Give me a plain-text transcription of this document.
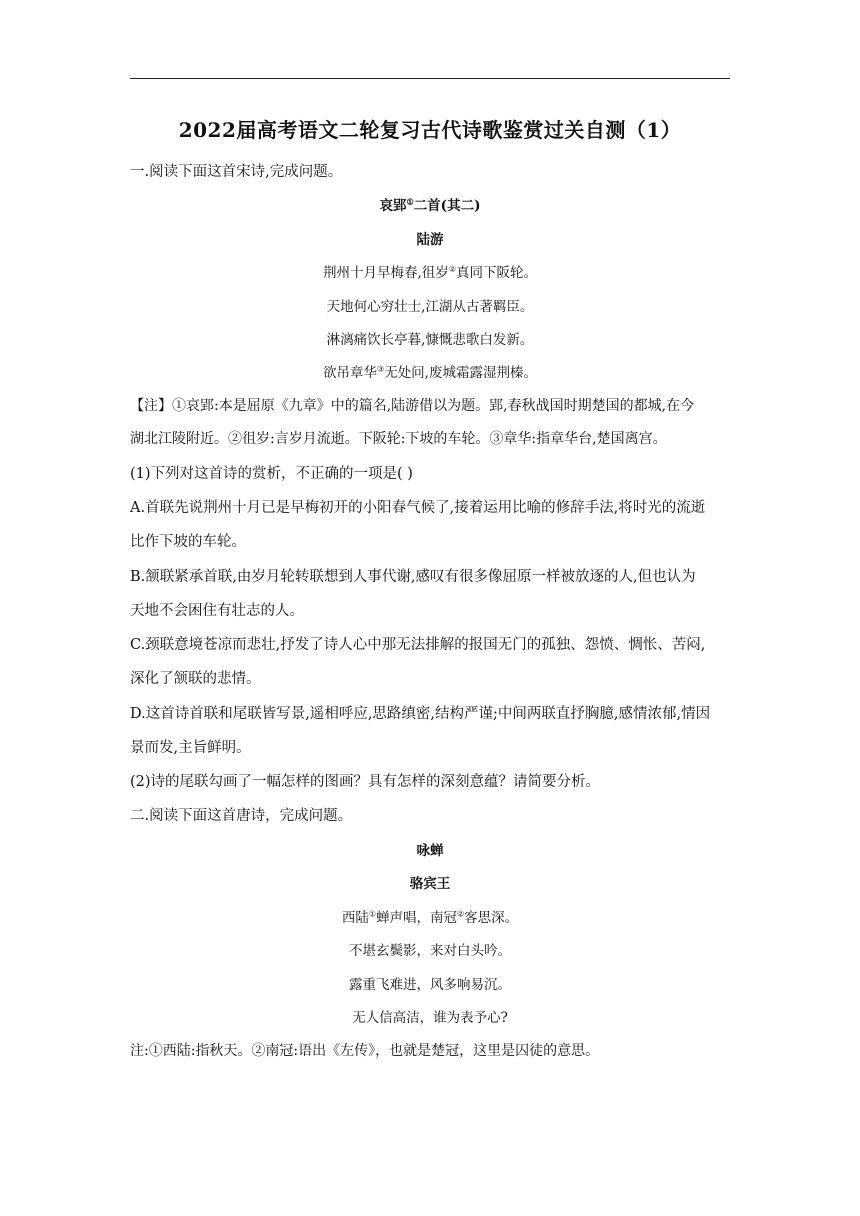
2022届高考语文二轮复习古代诗歌鉴赏过关自测（1）
一.阅读下面这首宋诗,完成问题。
哀郢①二首(其二)
陆游
荆州十月早梅春,徂岁②真同下阪轮。
天地何心穷壮士,江湖从古著羁臣。
淋漓痛饮长亭暮,慷慨悲歌白发新。
欲吊章华③无处问,废城霜露湿荆榛。
【注】①哀郢:本是屈原《九章》中的篇名,陆游借以为题。郢,春秋战国时期楚国的都城,在今
湖北江陵附近。②徂岁:言岁月流逝。下阪轮:下坡的车轮。③章华:指章华台,楚国离宫。
(1)下列对这首诗的赏析，不正确的一项是( )
A.首联先说荆州十月已是早梅初开的小阳春气候了,接着运用比喻的修辞手法,将时光的流逝
比作下坡的车轮。
B.颔联紧承首联,由岁月轮转联想到人事代谢,感叹有很多像屈原一样被放逐的人,但也认为
天地不会困住有壮志的人。
C.颈联意境苍凉而悲壮,抒发了诗人心中那无法排解的报国无门的孤独、怨愤、惆怅、苦闷,
深化了颔联的悲情。
D.这首诗首联和尾联皆写景,遥相呼应,思路缜密,结构严谨;中间两联直抒胸臆,感情浓郁,情因
景而发,主旨鲜明。
(2)诗的尾联勾画了一幅怎样的图画？具有怎样的深刻意蕴？请简要分析。
二.阅读下面这首唐诗，完成问题。
咏蝉
骆宾王
西陆①蝉声唱，南冠②客思深。
不堪玄鬓影，来对白头吟。
露重飞难进，风多响易沉。
无人信高洁，谁为表予心?
注:①西陆:指秋天。②南冠:语出《左传》，也就是楚冠，这里是囚徒的意思。
